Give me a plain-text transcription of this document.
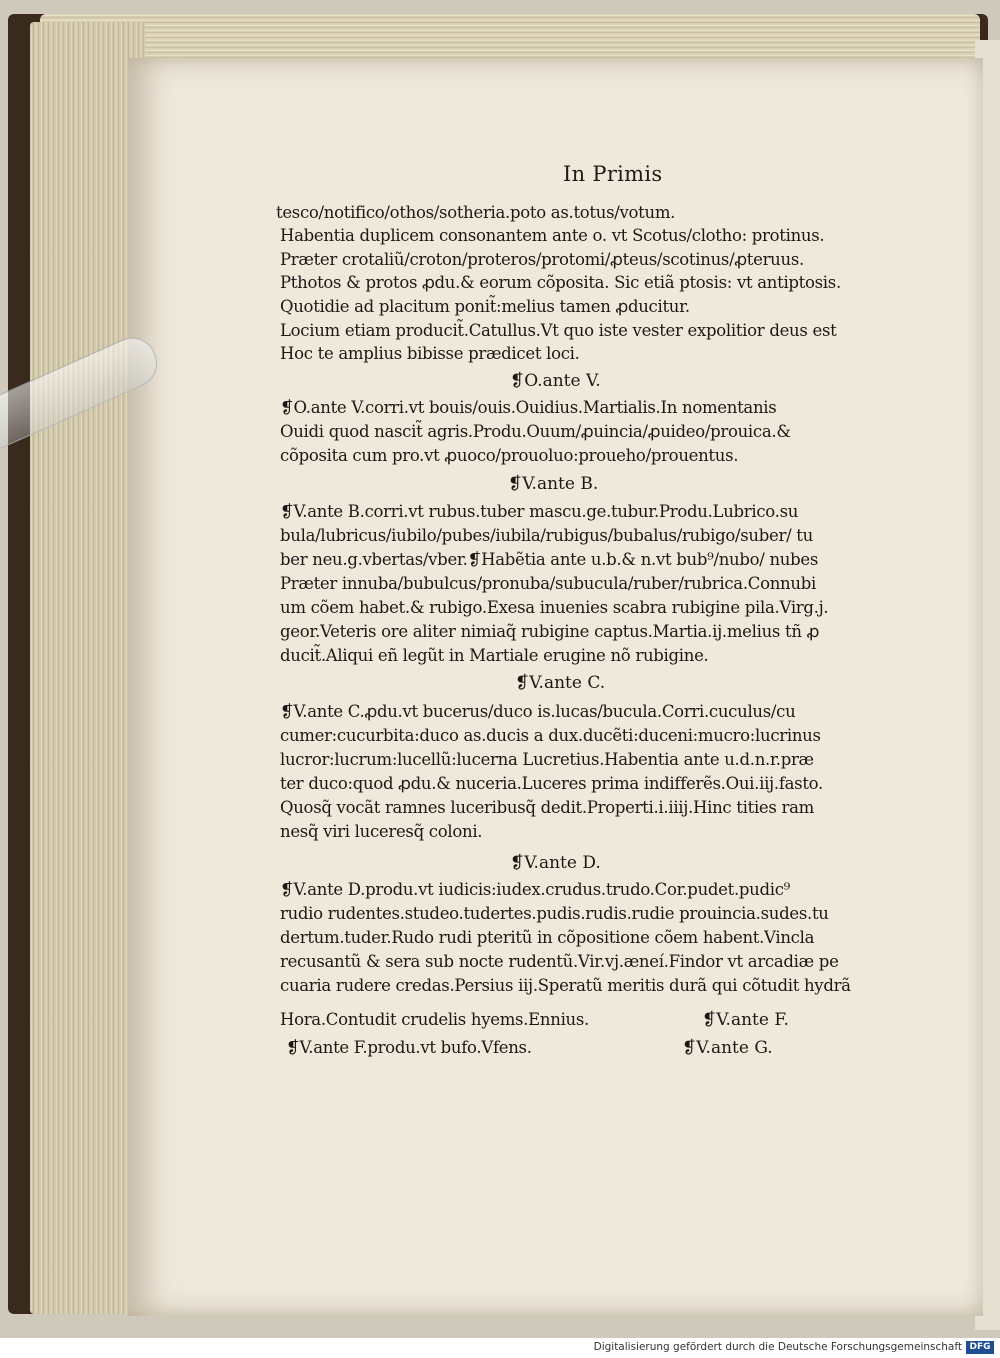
In Primis
tesco/notifico/othos/sotheria.poto as.totus/votum.
Habentia duplicem consonantem ante o. vt Scotus/clotho: protinus.
Præter crotaliũ/croton/proteros/protomi/ꝓteus/scotinus/ꝓteruus.
Pthotos & protos ꝓdu.& eorum cõposita. Sic etiã ptosis: vt antiptosis.
Quotidie ad placitum ponit̃:melius tamen ꝓducitur.
Locium etiam producit̃.Catullus.Vt quo iste vester expolitior deus est
Hoc te amplius bibisse prædicet loci.
❡O.ante V.
❡O.ante V.corri.vt bouis/ouis.Ouidius.Martialis.In nomentanis
Ouidi quod nascit̃ agris.Produ.Ouum/ꝓuincia/ꝓuideo/prouica.&
cõposita cum pro.vt ꝓuoco/prouoluo:proueho/prouentus.
❡V.ante B.
❡V.ante B.corri.vt rubus.tuber mascu.ge.tubur.Produ.Lubrico.su
bula/lubricus/iubilo/pubes/iubila/rubigus/bubalus/rubigo/suber/ tu
ber neu.g.vbertas/vber.❡Habẽtia ante u.b.& n.vt bub⁹/nubo/ nubes
Præter innuba/bubulcus/pronuba/subucula/ruber/rubrica.Connubi
um cõem habet.& rubigo.Exesa inuenies scabra rubigine pila.Virg.j.
geor.Veteris ore aliter nimiaq̃ rubigine captus.Martia.ij.melius tñ ꝓ
ducit̃.Aliqui eñ legũt in Martiale erugine nõ rubigine.
❡V.ante C.
❡V.ante C.ꝓdu.vt bucerus/duco is.lucas/bucula.Corri.cuculus/cu
cumer:cucurbita:duco as.ducis a dux.ducẽti:duceni:mucro:lucrinus
lucror:lucrum:lucellũ:lucerna Lucretius.Habentia ante u.d.n.r.præ
ter duco:quod ꝓdu.& nuceria.Luceres prima indifferẽs.Oui.iij.fasto.
Quosq̃ vocãt ramnes luceribusq̃ dedit.Properti.i.iiij.Hinc tities ram
nesq̃ viri luceresq̃ coloni.
❡V.ante D.
❡V.ante D.produ.vt iudicis:iudex.crudus.trudo.Cor.pudet.pudic⁹
rudio rudentes.studeo.tudertes.pudis.rudis.rudie prouincia.sudes.tu
dertum.tuder.Rudo rudi pteritũ in cõpositione cõem habent.Vincla
recusantũ & sera sub nocte rudentũ.Vir.vj.æneí.Findor vt arcadiæ pe
cuaria rudere credas.Persius iij.Speratũ meritis durã qui cõtudit hydrã
Hora.Contudit crudelis hyems.Ennius.	❡V.ante F.
❡V.ante F.produ.vt bufo.Vfens.	❡V.ante G.
Digitalisierung gefördert durch die Deutsche Forschungsgemeinschaft DFG
